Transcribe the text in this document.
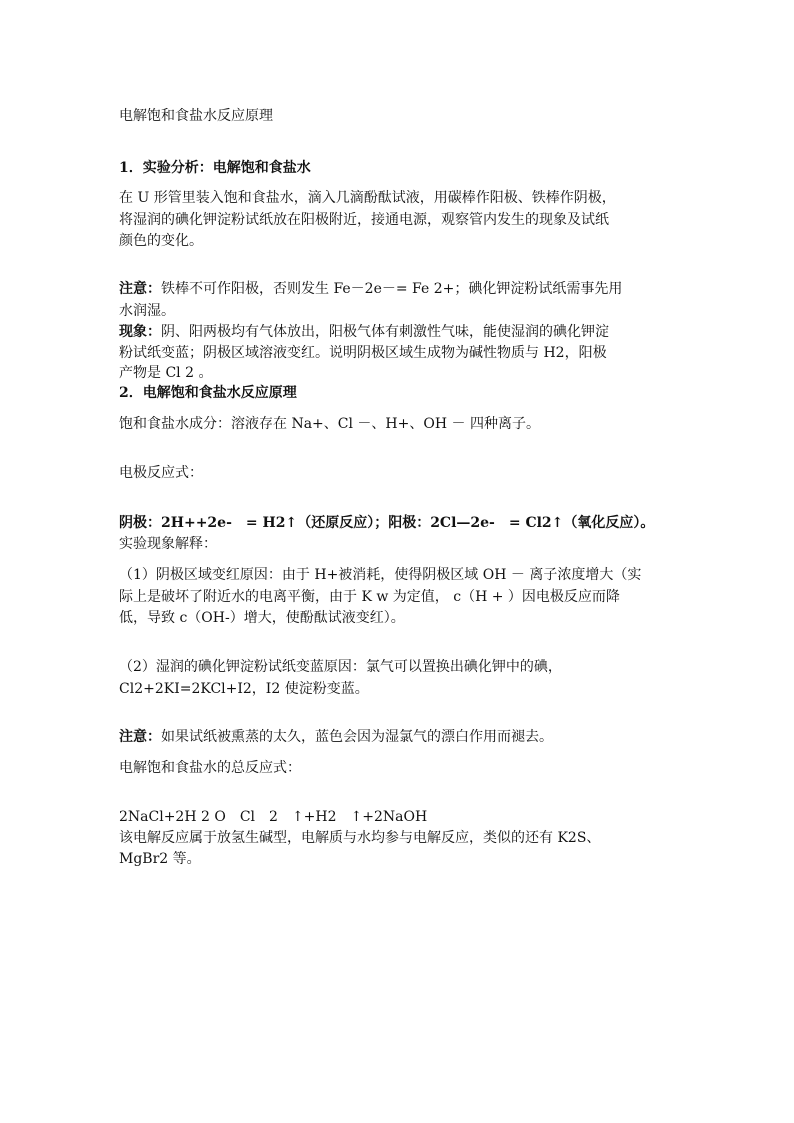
电解饱和食盐水反应原理
1．实验分析：电解饱和食盐水
在 U 形管里装入饱和食盐水，滴入几滴酚酞试液，用碳棒作阳极、铁棒作阴极，
将湿润的碘化钾淀粉试纸放在阳极附近，接通电源，观察管内发生的现象及试纸
颜色的变化。
注意：铁棒不可作阳极，否则发生 Fe－2e－= Fe 2+；碘化钾淀粉试纸需事先用
水润湿。
现象：阴、阳两极均有气体放出，阳极气体有刺激性气味，能使湿润的碘化钾淀
粉试纸变蓝；阴极区域溶液变红。说明阴极区域生成物为碱性物质与 H2，阳极
产物是 Cl 2 。
2．电解饱和食盐水反应原理
饱和食盐水成分：溶液存在 Na+、Cl －、H+、OH － 四种离子。
电极反应式：
阴极：2H++2e-　= H2↑（还原反应）；阳极：2Cl—2e-　= Cl2↑（氧化反应）。
实验现象解释：
（1）阴极区域变红原因：由于 H+被消耗，使得阴极区域 OH － 离子浓度增大（实
际上是破坏了附近水的电离平衡，由于 K w 为定值， c（H + ）因电极反应而降
低，导致 c（OH-）增大，使酚酞试液变红）。
（2）湿润的碘化钾淀粉试纸变蓝原因：氯气可以置换出碘化钾中的碘，
Cl2+2KI=2KCl+I2，I2 使淀粉变蓝。
注意：如果试纸被熏蒸的太久，蓝色会因为湿氯气的漂白作用而褪去。
电解饱和食盐水的总反应式：
2NaCl+2H 2 O　Cl　2　↑+H2　↑+2NaOH
该电解反应属于放氢生碱型，电解质与水均参与电解反应，类似的还有 K2S、
MgBr2 等。
